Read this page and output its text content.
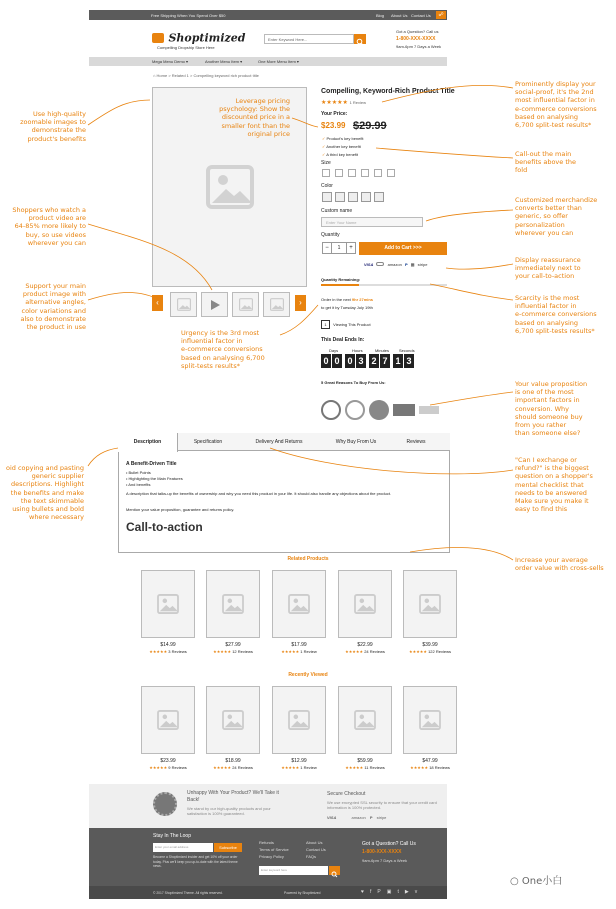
Free Shipping When You Spend Over $50	Blog About Us Contact Us	☍
Shoptimized
Compelling Dropship Store Here
Enter Keyword Here...
Got a Question? Call us
1-800-XXX-XXXX
9am-6pm 7 Days a Week
Mega Menu Demo ▾	Another Menu Item ▾	One More Menu Item ▾
⌂ Home > Related 1 > Compelling keyword rich product title
‹	›
Compelling, Keyword-Rich Product Title
★★★★★ 1 Review
Your Price:
$23.99 $29.99
✓ Product's key benefit
✓ Another key benefit
✓ A third key benefit
Size
Color
Custom name
Enter Your Name
Quantity
−	1	+	Add to Cart >>>
VISA	amazon P ▩ stripe
Quantity Remaining:
Order in the next 9hr 27mins
to get it by Tuesday July 19th
1 Viewing This Product
This Deal Ends In:
Days	Hours	Minutes Seconds
0 0 0 3 2 7 1 3
5 Great Reasons To Buy From Us:
Description	Specification	Delivery And Returns	Why Buy From Us	Reviews
A Benefit-Driven Title
• Bullet Points
• Highlighting the Main Features
• And benefits
A description that talks-up the benefits of ownership and why you need this product in your life. It should also handle any objections about the product.
Mention your value proposition, guarantee and returns policy.
Call-to-action
Related Products
$14.99
★★★★★ 3 Reviews
$27.99
★★★★★ 12 Reviews
$17.99
★★★★★ 1 Review
$22.99
★★★★★ 24 Reviews
$39.99
★★★★★ 122 Reviews
Recently Viewed
$23.99
★★★★★ 9 Reviews
$18.99
★★★★★ 24 Reviews
$12.99
★★★★★ 1 Review
$59.99
★★★★★ 11 Reviews
$47.99
★★★★★ 18 Reviews
Unhappy With Your Product? We'll Take it Back!
We stand by our high-quality products and your satisfaction is 100% guaranteed.
Secure Checkout
We use encrypted SSL security to ensure that your credit card information is 100% protected.
VISA	amazon P stripe
Stay In The Loop
Enter your email address	Subscribe
Become a Shoptimized insider and get 10% off your order today. Plus we'll keep you up-to-date with the latest theme news.
Refunds
Terms of Service
Privacy Policy
About Us
Contact Us
FAQs
Enter keyword here
Got a Question? Call Us
1-800-XXX-XXXX
9am-6pm 7 Days a Week
© 2017 Shoptimized Theme. All rights reserved.	Powered by Shoptimized	♥ f P ▣ t ▶ v
Use high-quality
zoomable images to
demonstrate the
product's benefits
Leverage pricing
psychology: Show the
discounted price in a
smaller font than the
original price
Shoppers who watch a
product video are
64-85% more likely to
buy, so use videos
wherever you can
Support your main
product image with
alternative angles,
color variations and
also to demonstrate
the product in use
Urgency is the 3rd most
influential factor in
e-commerce conversions
based on analysing 6,700
split-tests results*
Prominently display your
social-proof, it's the 2nd
most influential factor in
e-commerce conversions
based on analysing
6,700 split-test results*
Call-out the main
benefits above the
fold
Customized merchandize
converts better than
generic, so offer
personalization
wherever you can
Display reassurance
immediately next to
your call-to-action
Scarcity is the most
influential factor in
e-commerce conversions
based on analysing
6,700 split-tests results*
Your value proposition
is one of the most
important factors in
conversion. Why
should someone buy
from you rather
than someone else?
"Can I exchange or
refund?" is the biggest
question on a shopper's
mental checklist that
needs to be answered
Make sure you make it
easy to find this
oid copying and pasting
generic supplier
descriptions. Highlight
the benefits and make
the text skimmable
using bullets and bold
where necessary
Increase your average
order value with cross-sells
○ One小白
